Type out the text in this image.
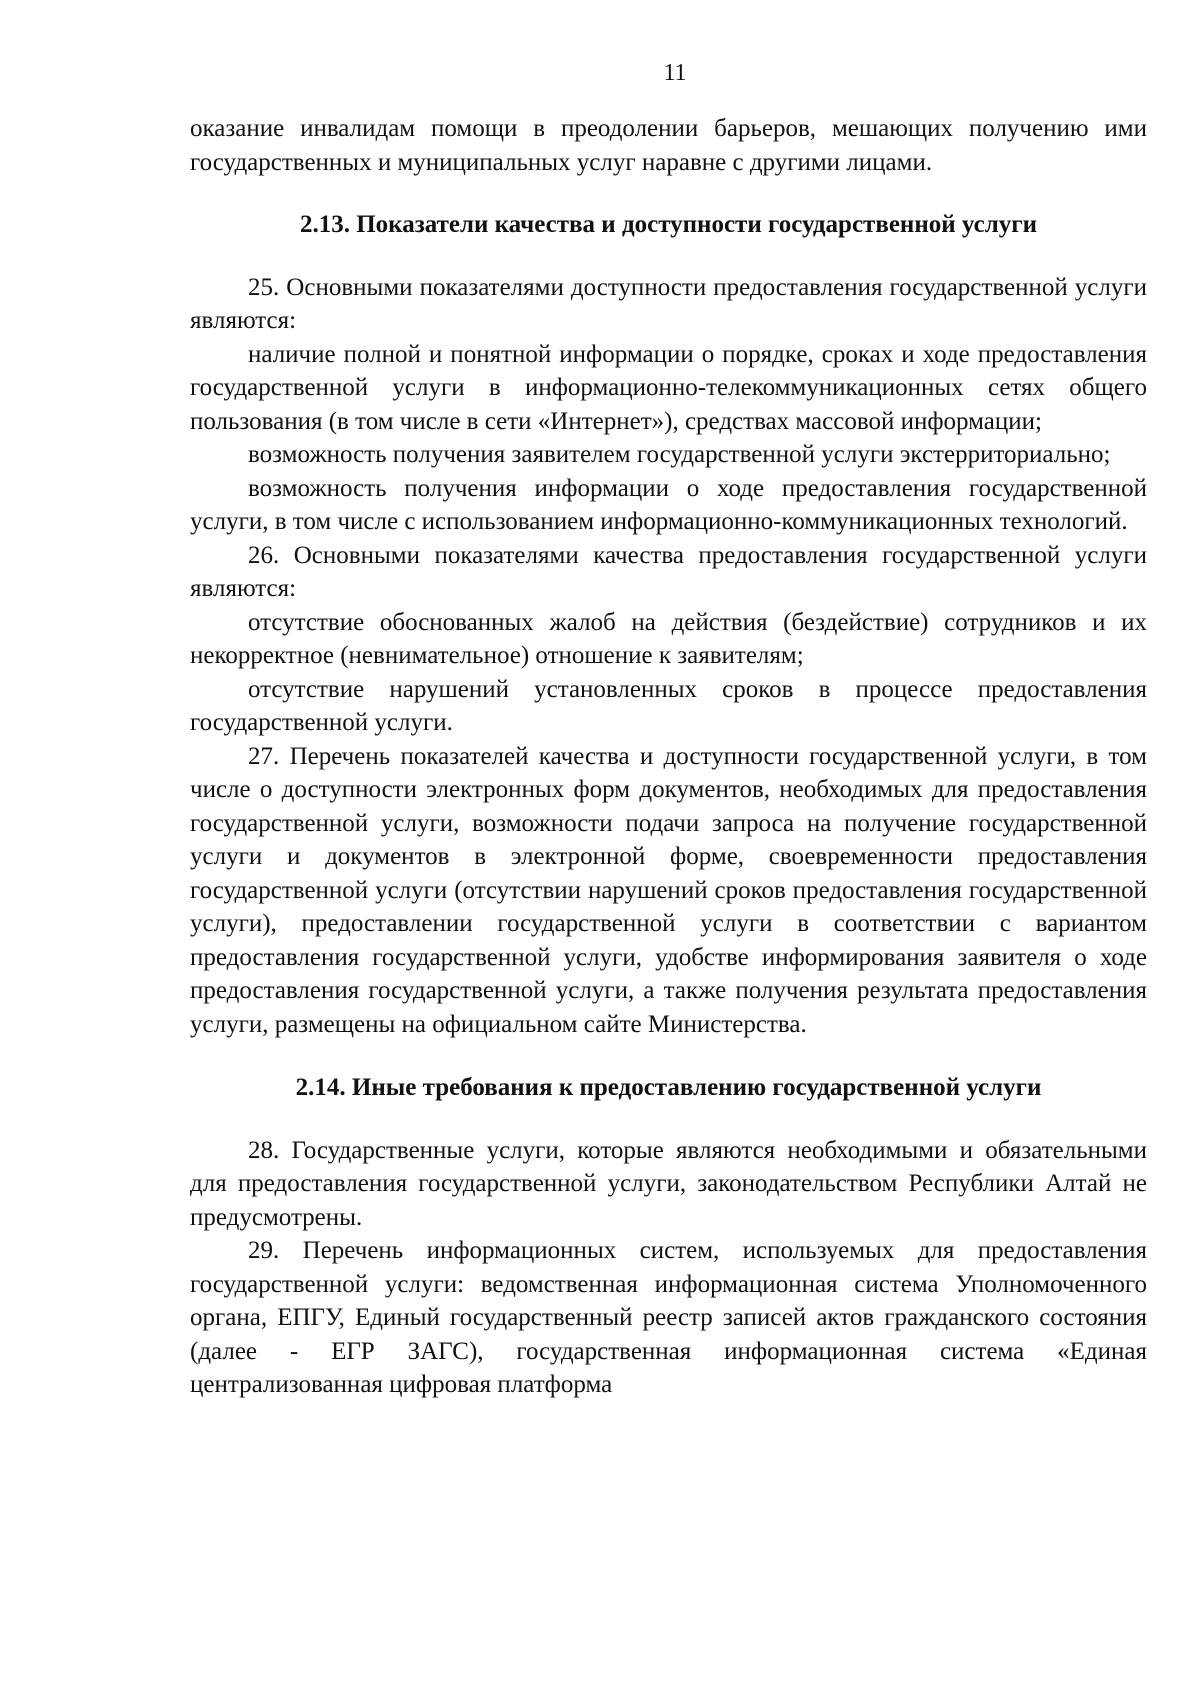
11

оказание инвалидам помощи в преодолении барьеров, мешающих получению ими государственных и муниципальных услуг наравне с другими лицами.

2.13. Показатели качества и доступности государственной услуги

25. Основными показателями доступности предоставления государственной услуги являются:

наличие полной и понятной информации о порядке, сроках и ходе предоставления государственной услуги в информационно-телекоммуникационных сетях общего пользования (в том числе в сети «Интернет»), средствах массовой информации;

возможность получения заявителем государственной услуги экстерриториально;

возможность получения информации о ходе предоставления государственной услуги, в том числе с использованием информационно-коммуникационных технологий.

26. Основными показателями качества предоставления государственной услуги являются:

отсутствие обоснованных жалоб на действия (бездействие) сотрудников и их некорректное (невнимательное) отношение к заявителям;

отсутствие нарушений установленных сроков в процессе предоставления государственной услуги.

27. Перечень показателей качества и доступности государственной услуги, в том числе о доступности электронных форм документов, необходимых для предоставления государственной услуги, возможности подачи запроса на получение государственной услуги и документов в электронной форме, своевременности предоставления государственной услуги (отсутствии нарушений сроков предоставления государственной услуги), предоставлении государственной услуги в соответствии с вариантом предоставления государственной услуги, удобстве информирования заявителя о ходе предоставления государственной услуги, а также получения результата предоставления услуги, размещены на официальном сайте Министерства.

2.14. Иные требования к предоставлению государственной услуги

28. Государственные услуги, которые являются необходимыми и обязательными для предоставления государственной услуги, законодательством Республики Алтай не предусмотрены.

29. Перечень информационных систем, используемых для предоставления государственной услуги: ведомственная информационная система Уполномоченного органа, ЕПГУ, Единый государственный реестр записей актов гражданского состояния (далее - ЕГР ЗАГС), государственная информационная система «Единая централизованная цифровая платформа
